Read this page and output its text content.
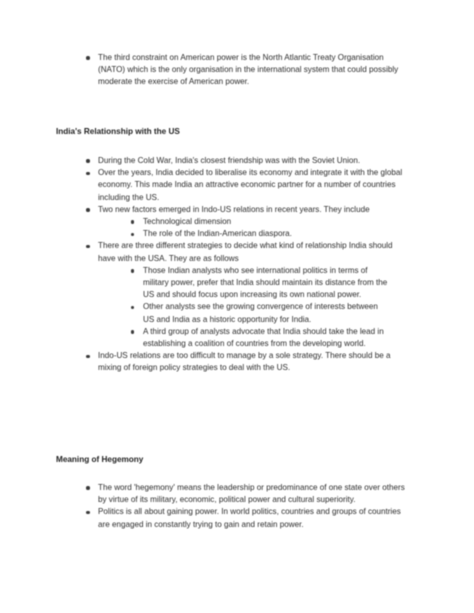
The third constraint on American power is the North Atlantic Treaty Organisation (NATO) which is the only organisation in the international system that could possibly moderate the exercise of American power.
India's Relationship with the US
During the Cold War, India's closest friendship was with the Soviet Union.
Over the years, India decided to liberalise its economy and integrate it with the global economy. This made India an attractive economic partner for a number of countries including the US.
Two new factors emerged in Indo-US relations in recent years. They include
Technological dimension
The role of the Indian-American diaspora.
There are three different strategies to decide what kind of relationship India should have with the USA. They are as follows
Those Indian analysts who see international politics in terms of military power, prefer that India should maintain its distance from the US and should focus upon increasing its own national power.
Other analysts see the growing convergence of interests between US and India as a historic opportunity for India.
A third group of analysts advocate that India should take the lead in establishing a coalition of countries from the developing world.
Indo-US relations are too difficult to manage by a sole strategy. There should be a mixing of foreign policy strategies to deal with the US.
Meaning of Hegemony
The word 'hegemony' means the leadership or predominance of one state over others by virtue of its military, economic, political power and cultural superiority.
Politics is all about gaining power. In world politics, countries and groups of countries are engaged in constantly trying to gain and retain power.
